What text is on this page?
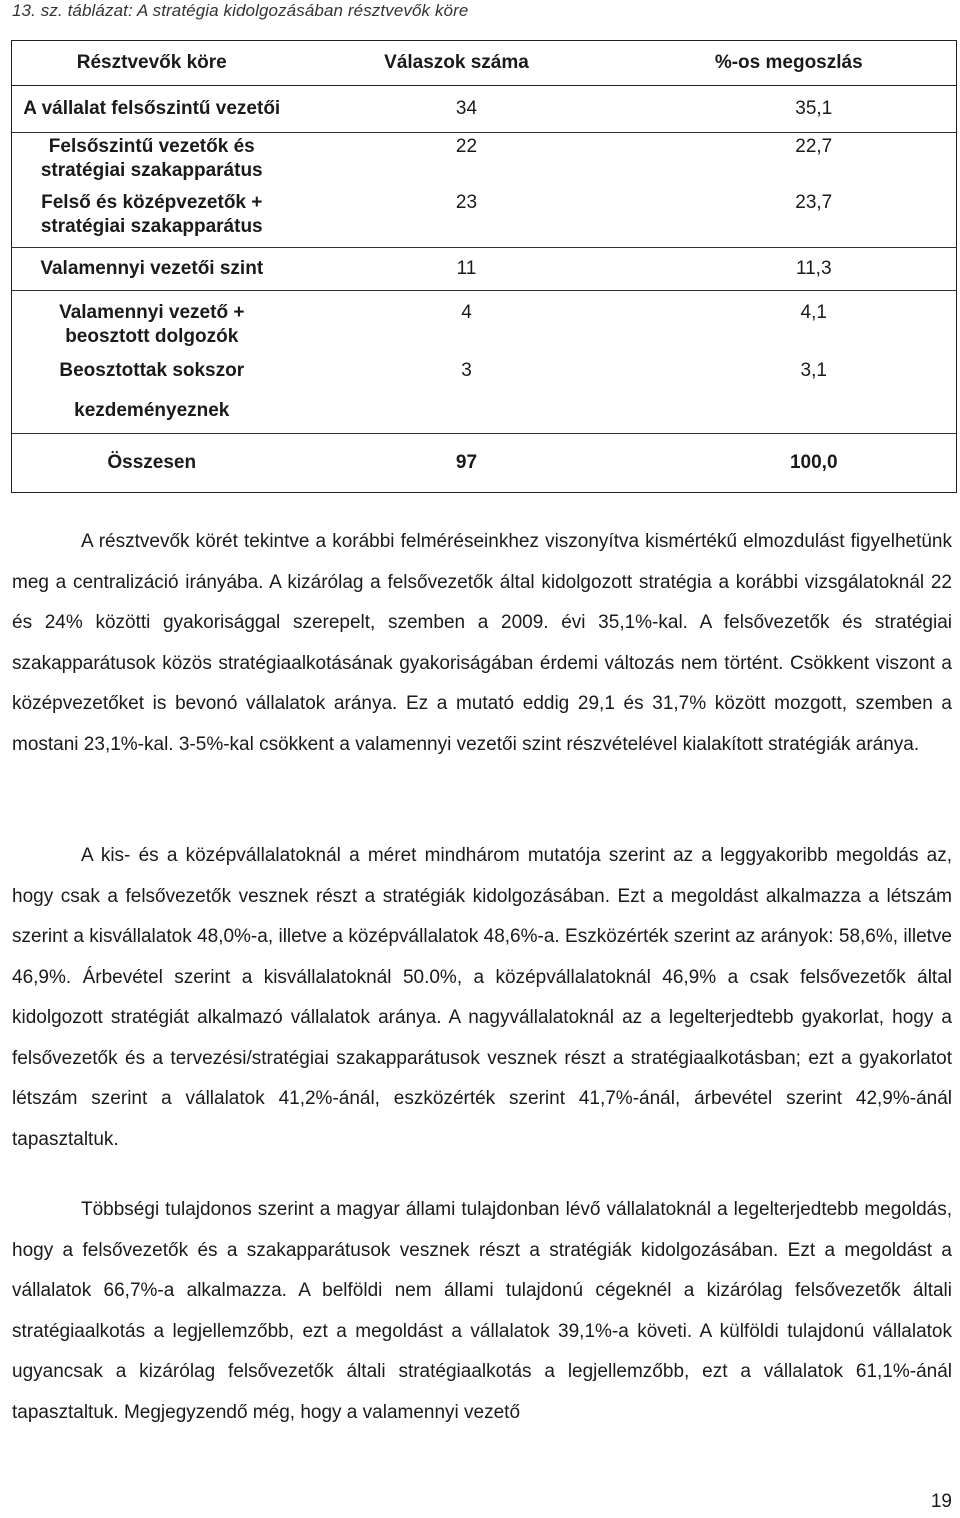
13. sz. táblázat: A stratégia kidolgozásában résztvevők köre
Résztvevők köre	Válaszok száma	%-os megoszlás
A vállalat felsőszintű vezetői	34	35,1

Felsőszintű vezetők és
stratégiai szakapparátus	22	22,7

Felső és középvezetők +
stratégiai szakapparátus	23	23,7
Valamennyi vezetői szint	11	11,3

Valamennyi vezető +
beosztott dolgozók	4	4,1

Beosztottak sokszor
kezdeményeznek	3	3,1
Összesen	97	100,0
A résztvevők körét tekintve a korábbi felméréseinkhez viszonyítva kismértékű elmozdulást figyelhetünk meg a centralizáció irányába. A kizárólag a felsővezetők által kidolgozott stratégia a korábbi vizsgálatoknál 22 és 24% közötti gyakorisággal szerepelt, szemben a 2009. évi 35,1%-kal. A felsővezetők és stratégiai szakapparátusok közös stratégiaalkotásának gyakoriságában érdemi változás nem történt. Csökkent viszont a középvezetőket is bevonó vállalatok aránya. Ez a mutató eddig 29,1 és 31,7% között mozgott, szemben a mostani 23,1%-kal. 3-5%-kal csökkent a valamennyi vezetői szint részvételével kialakított stratégiák aránya.
A kis- és a középvállalatoknál a méret mindhárom mutatója szerint az a leggyakoribb megoldás az, hogy csak a felsővezetők vesznek részt a stratégiák kidolgozásában. Ezt a megoldást alkalmazza a létszám szerint a kisvállalatok 48,0%-a, illetve a középvállalatok 48,6%-a. Eszközérték szerint az arányok: 58,6%, illetve 46,9%. Árbevétel szerint a kisvállalatoknál 50.0%, a középvállalatoknál 46,9% a csak felsővezetők által kidolgozott stratégiát alkalmazó vállalatok aránya. A nagyvállalatoknál az a legelterjedtebb gyakorlat, hogy a felsővezetők és a tervezési/stratégiai szakapparátusok vesznek részt a stratégiaalkotásban; ezt a gyakorlatot létszám szerint a vállalatok 41,2%-ánál, eszközérték szerint 41,7%-ánál, árbevétel szerint 42,9%-ánál tapasztaltuk.
Többségi tulajdonos szerint a magyar állami tulajdonban lévő vállalatoknál a legelterjedtebb megoldás, hogy a felsővezetők és a szakapparátusok vesznek részt a stratégiák kidolgozásában. Ezt a megoldást a vállalatok 66,7%-a alkalmazza. A belföldi nem állami tulajdonú cégeknél a kizárólag felsővezetők általi stratégiaalkotás a legjellemzőbb, ezt a megoldást a vállalatok 39,1%-a követi. A külföldi tulajdonú vállalatok ugyancsak a kizárólag felsővezetők általi stratégiaalkotás a legjellemzőbb, ezt a vállalatok 61,1%-ánál tapasztaltuk. Megjegyzendő még, hogy a valamennyi vezető
19
